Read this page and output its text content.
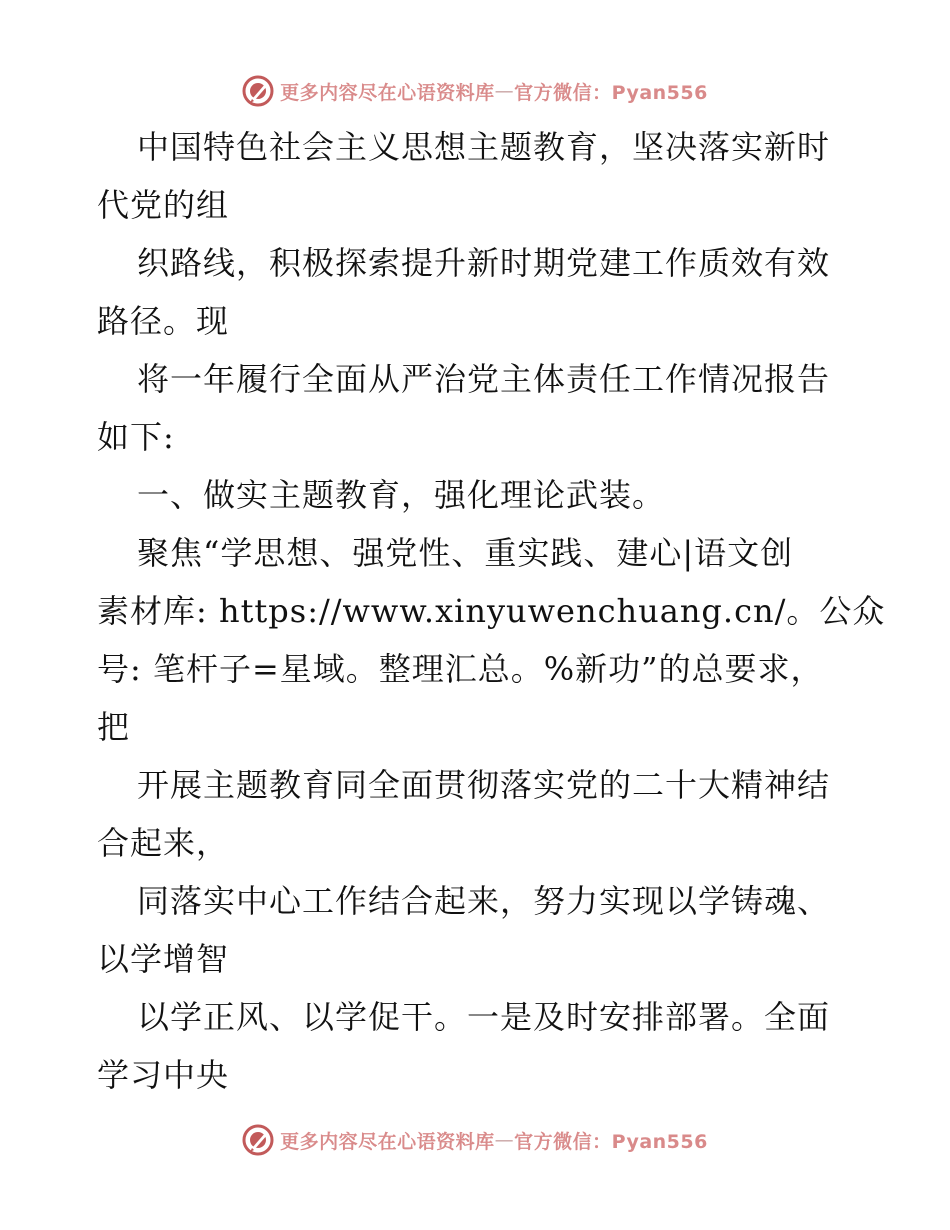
更多内容尽在心语资料库 — 官方微信：Pyan556
中国特色社会主义思想主题教育，坚决落实新时
代党的组
织路线，积极探索提升新时期党建工作质效有效
路径。现
将一年履行全面从严治党主体责任工作情况报告
如下:
一、做实主题教育，强化理论武装。
聚焦“学思想、强党性、重实践、建心|语文创
素材库: https://www.xinyuwenchuang.cn/。公众
号: 笔杆子=星域。整理汇总。%新功”的总要求，
把
开展主题教育同全面贯彻落实党的二十大精神结
合起来，
同落实中心工作结合起来，努力实现以学铸魂、
以学增智
以学正风、以学促干。一是及时安排部署。全面
学习中央
更多内容尽在心语资料库 — 官方微信：Pyan556
